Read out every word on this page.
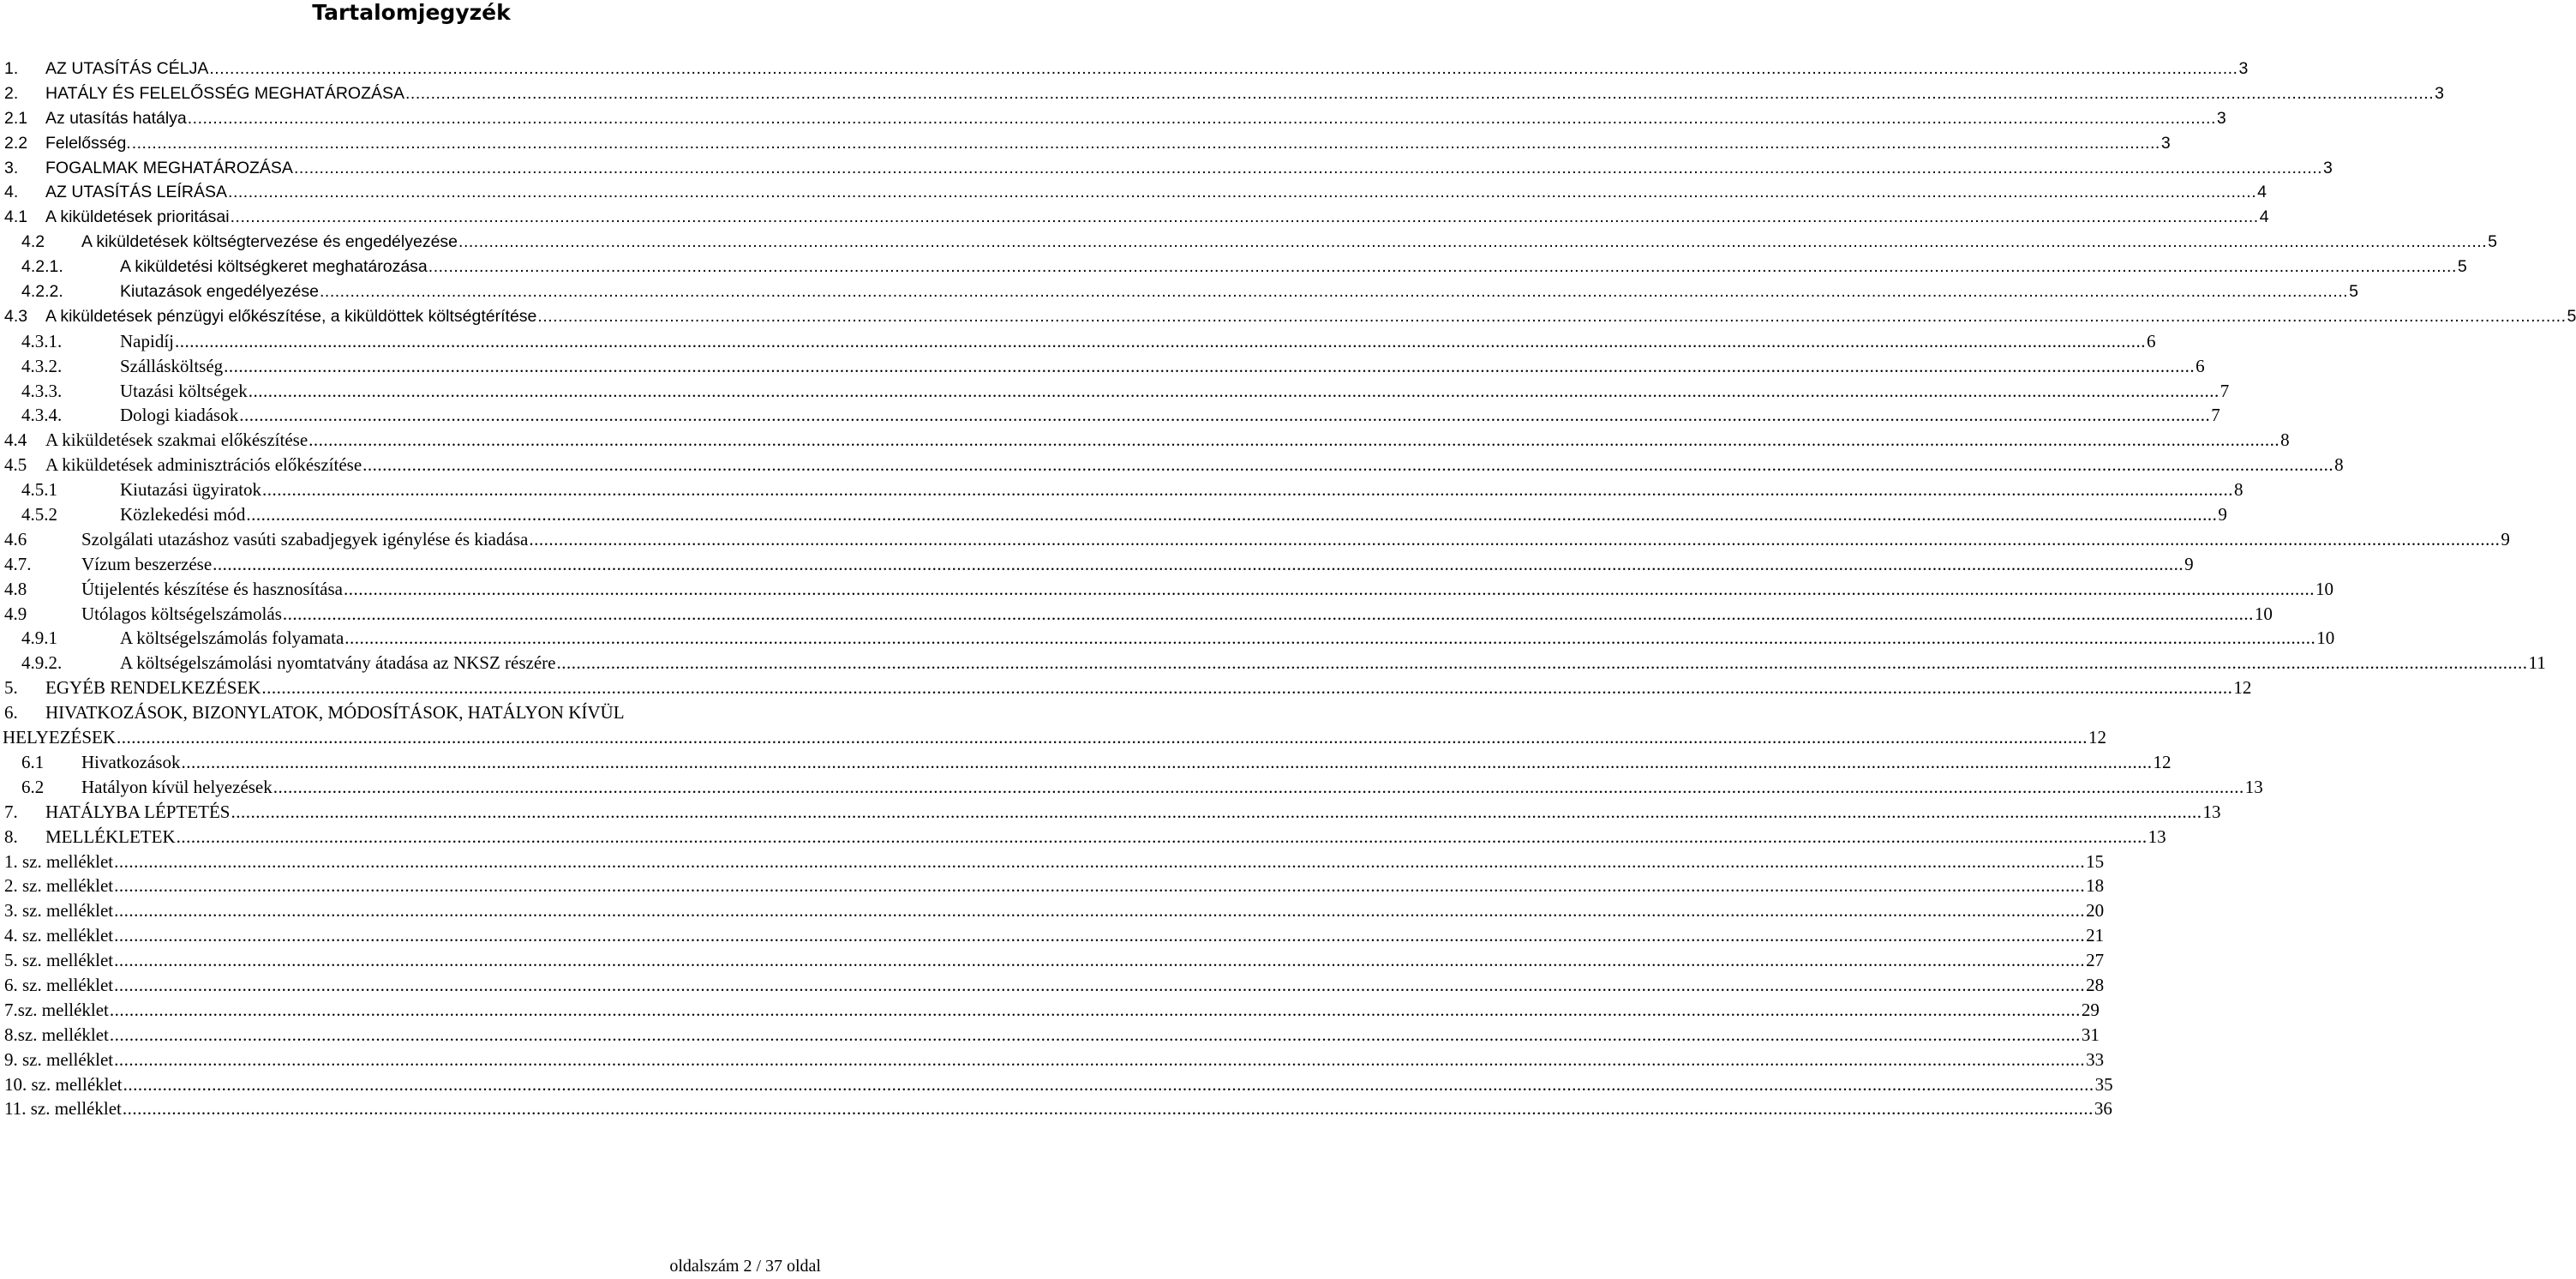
Tartalomjegyzék
1. AZ UTASÍTÁS CÉLJA ................................................................................................................................................................................................................................................................................................................................................................................................................ 3
2. HATÁLY ÉS FELELŐSSÉG MEGHATÁROZÁSA ................................................................................................................................................................................................................................................................................................................................................................................................................ 3
2.1 Az utasítás hatálya ................................................................................................................................................................................................................................................................................................................................................................................................................ 3
2.2 Felelősség. ................................................................................................................................................................................................................................................................................................................................................................................................................ 3
3. FOGALMAK MEGHATÁROZÁSA ................................................................................................................................................................................................................................................................................................................................................................................................................ 3
4. AZ UTASÍTÁS LEÍRÁSA ................................................................................................................................................................................................................................................................................................................................................................................................................ 4
4.1 A kiküldetések prioritásai ................................................................................................................................................................................................................................................................................................................................................................................................................ 4
4.2 A kiküldetések költségtervezése és engedélyezése ................................................................................................................................................................................................................................................................................................................................................................................................................ 5
4.2.1.	A kiküldetési költségkeret meghatározása ................................................................................................................................................................................................................................................................................................................................................................................................................ 5
4.2.2.	Kiutazások engedélyezése ................................................................................................................................................................................................................................................................................................................................................................................................................ 5
4.3 A kiküldetések pénzügyi előkészítése, a kiküldöttek költségtérítése ................................................................................................................................................................................................................................................................................................................................................................................................................ 5
4.3.1.	Napidíj ................................................................................................................................................................................................................................................................................................................................................................................................................ 6
4.3.2.	Szállásköltség ................................................................................................................................................................................................................................................................................................................................................................................................................ 6
4.3.3.	Utazási költségek ................................................................................................................................................................................................................................................................................................................................................................................................................ 7
4.3.4.	Dologi kiadások ................................................................................................................................................................................................................................................................................................................................................................................................................ 7
4.4 A kiküldetések szakmai előkészítése ................................................................................................................................................................................................................................................................................................................................................................................................................ 8
4.5 A kiküldetések adminisztrációs előkészítése ................................................................................................................................................................................................................................................................................................................................................................................................................ 8
4.5.1	Kiutazási ügyiratok ................................................................................................................................................................................................................................................................................................................................................................................................................ 8
4.5.2	Közlekedési mód ................................................................................................................................................................................................................................................................................................................................................................................................................ 9
4.6	Szolgálati utazáshoz vasúti szabadjegyek igénylése és kiadása ................................................................................................................................................................................................................................................................................................................................................................................................................ 9
4.7.	Vízum beszerzése ................................................................................................................................................................................................................................................................................................................................................................................................................ 9
4.8	Útijelentés készítése és hasznosítása ................................................................................................................................................................................................................................................................................................................................................................................................................ 10
4.9	Utólagos költségelszámolás ................................................................................................................................................................................................................................................................................................................................................................................................................ 10
4.9.1	A költségelszámolás folyamata ................................................................................................................................................................................................................................................................................................................................................................................................................ 10
4.9.2.	A költségelszámolási nyomtatvány átadása az NKSZ részére ................................................................................................................................................................................................................................................................................................................................................................................................................ 11
5. EGYÉB RENDELKEZÉSEK ................................................................................................................................................................................................................................................................................................................................................................................................................ 12
6. HIVATKOZÁSOK, BIZONYLATOK, MÓDOSÍTÁSOK, HATÁLYON KÍVÜL
HELYEZÉSEK ................................................................................................................................................................................................................................................................................................................................................................................................................ 12
6.1 Hivatkozások ................................................................................................................................................................................................................................................................................................................................................................................................................ 12
6.2 Hatályon kívül helyezések ................................................................................................................................................................................................................................................................................................................................................................................................................ 13
7. HATÁLYBA LÉPTETÉS ................................................................................................................................................................................................................................................................................................................................................................................................................ 13
8. MELLÉKLETEK ................................................................................................................................................................................................................................................................................................................................................................................................................ 13
1. sz. melléklet ................................................................................................................................................................................................................................................................................................................................................................................................................ 15
2. sz. melléklet ................................................................................................................................................................................................................................................................................................................................................................................................................ 18
3. sz. melléklet ................................................................................................................................................................................................................................................................................................................................................................................................................ 20
4. sz. melléklet ................................................................................................................................................................................................................................................................................................................................................................................................................ 21
5. sz. melléklet ................................................................................................................................................................................................................................................................................................................................................................................................................ 27
6. sz. melléklet ................................................................................................................................................................................................................................................................................................................................................................................................................ 28
7.sz. melléklet ................................................................................................................................................................................................................................................................................................................................................................................................................ 29
8.sz. melléklet ................................................................................................................................................................................................................................................................................................................................................................................................................ 31
9. sz. melléklet ................................................................................................................................................................................................................................................................................................................................................................................................................ 33
10. sz. melléklet ................................................................................................................................................................................................................................................................................................................................................................................................................ 35
11. sz. melléklet ................................................................................................................................................................................................................................................................................................................................................................................................................ 36
oldalszám 2 / 37 oldal
